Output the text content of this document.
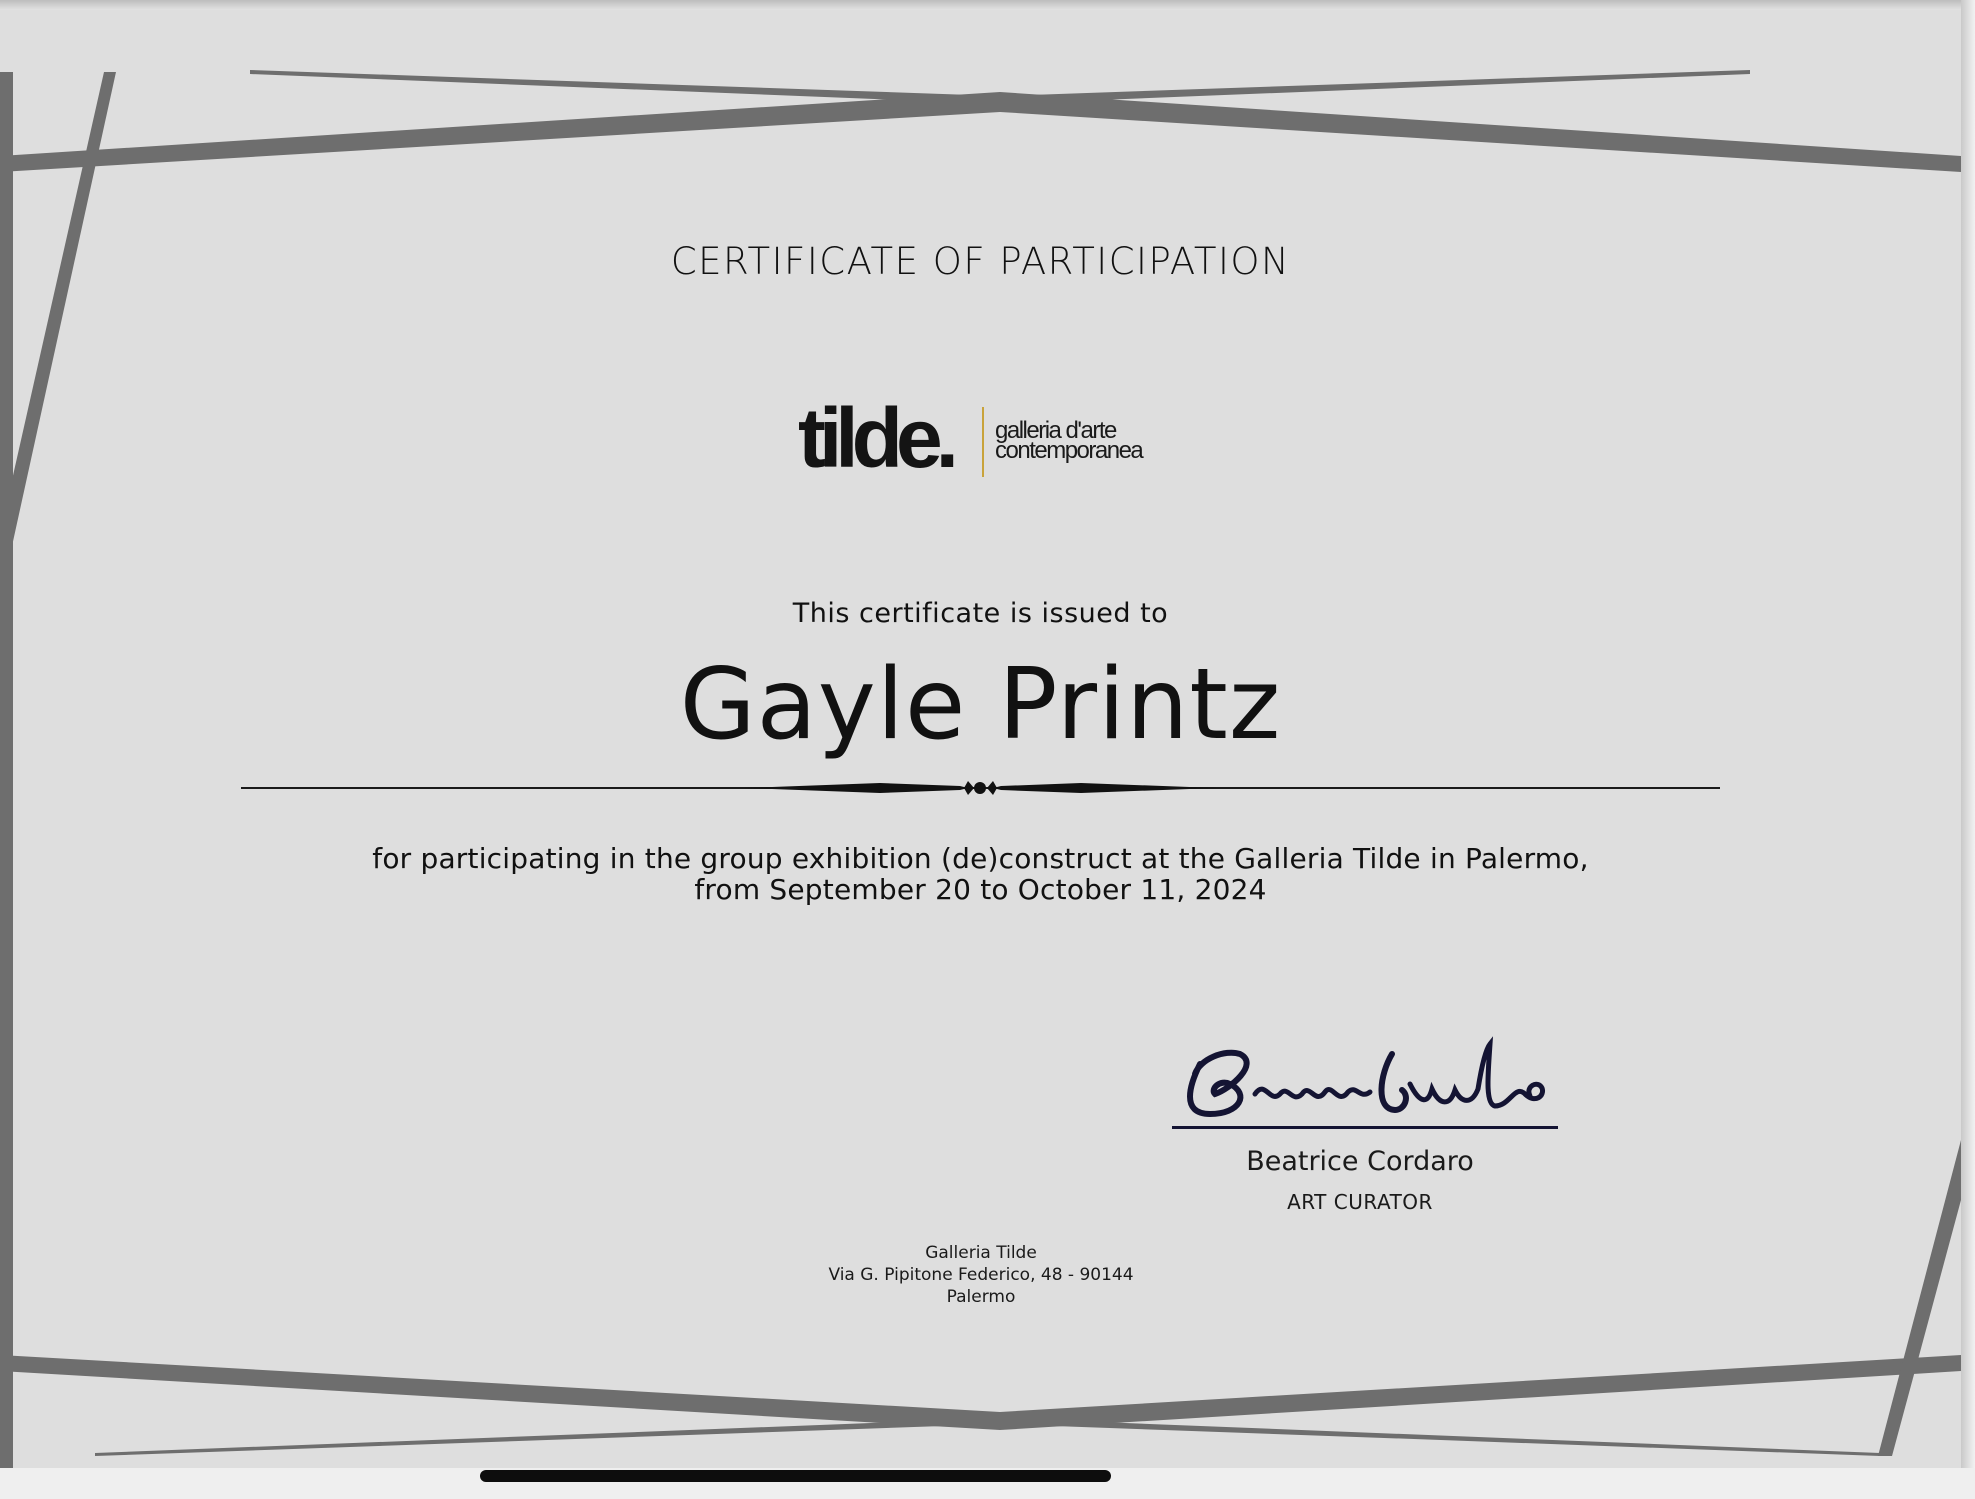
CERTIFICATE OF PARTICIPATION
tilde. galleria d'arte
contemporanea
This certificate is issued to
Gayle Printz
for participating in the group exhibition (de)construct at the Galleria Tilde in Palermo,
from September 20 to October 11, 2024
Beatrice Cordaro
ART CURATOR
Galleria Tilde
Via G. Pipitone Federico, 48 - 90144
Palermo
